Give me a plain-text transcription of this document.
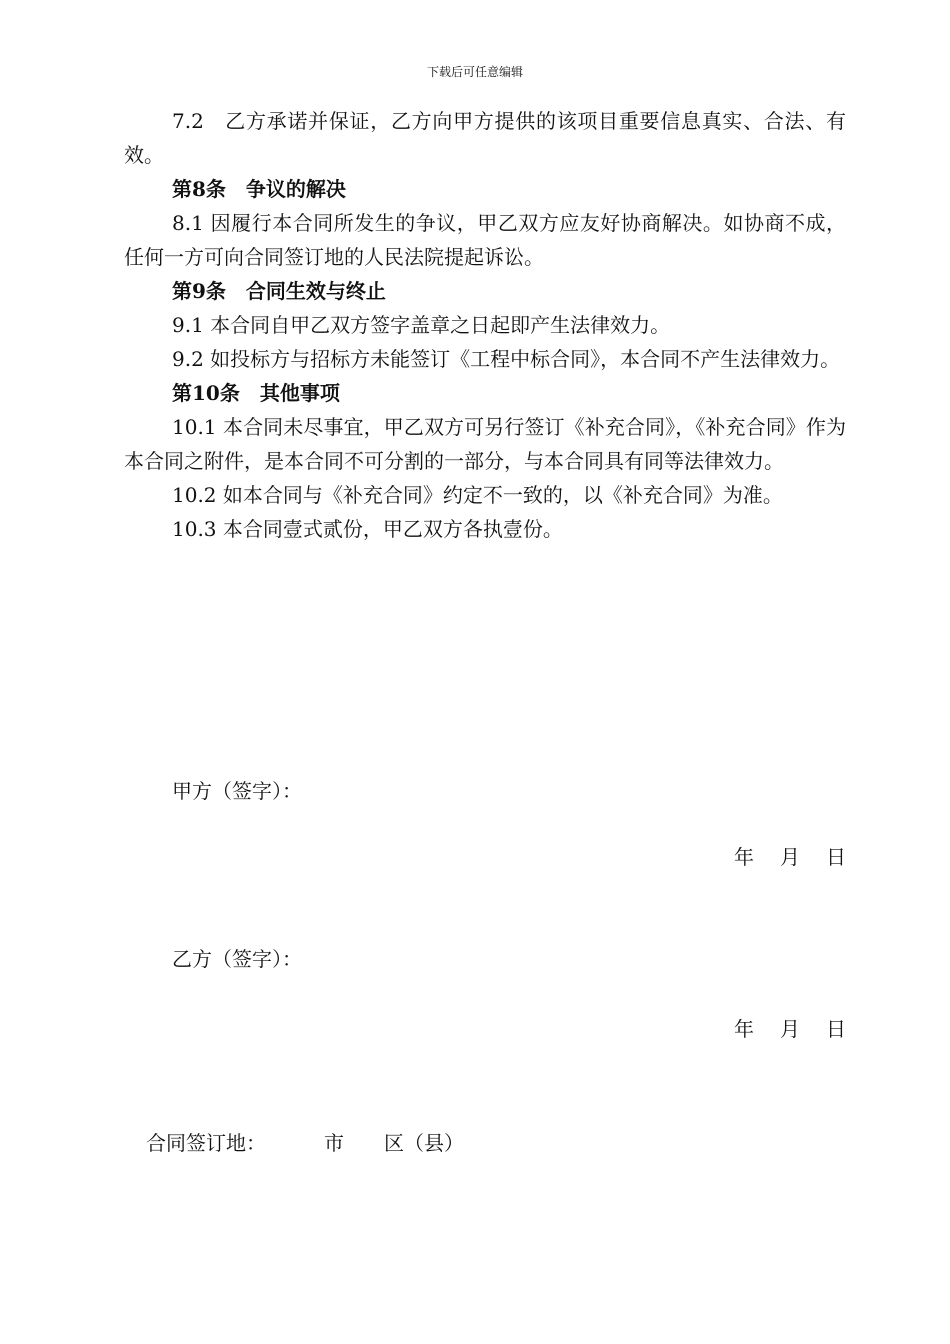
下载后可任意编辑

7.2　乙方承诺并保证，乙方向甲方提供的该项目重要信息真实、合法、有效。

第8条　争议的解决

8.1 因履行本合同所发生的争议，甲乙双方应友好协商解决。如协商不成，任何一方可向合同签订地的人民法院提起诉讼。

第9条　合同生效与终止

9.1 本合同自甲乙双方签字盖章之日起即产生法律效力。

9.2 如投标方与招标方未能签订《工程中标合同》，本合同不产生法律效力。

第10条　其他事项

10.1 本合同未尽事宜，甲乙双方可另行签订《补充合同》，《补充合同》作为本合同之附件，是本合同不可分割的一部分，与本合同具有同等法律效力。

10.2 如本合同与《补充合同》约定不一致的，以《补充合同》为准。

10.3 本合同壹式贰份，甲乙双方各执壹份。

甲方（签字）：
年 月 日
乙方（签字）：
年 月 日
合同签订地：	市 区（县）
